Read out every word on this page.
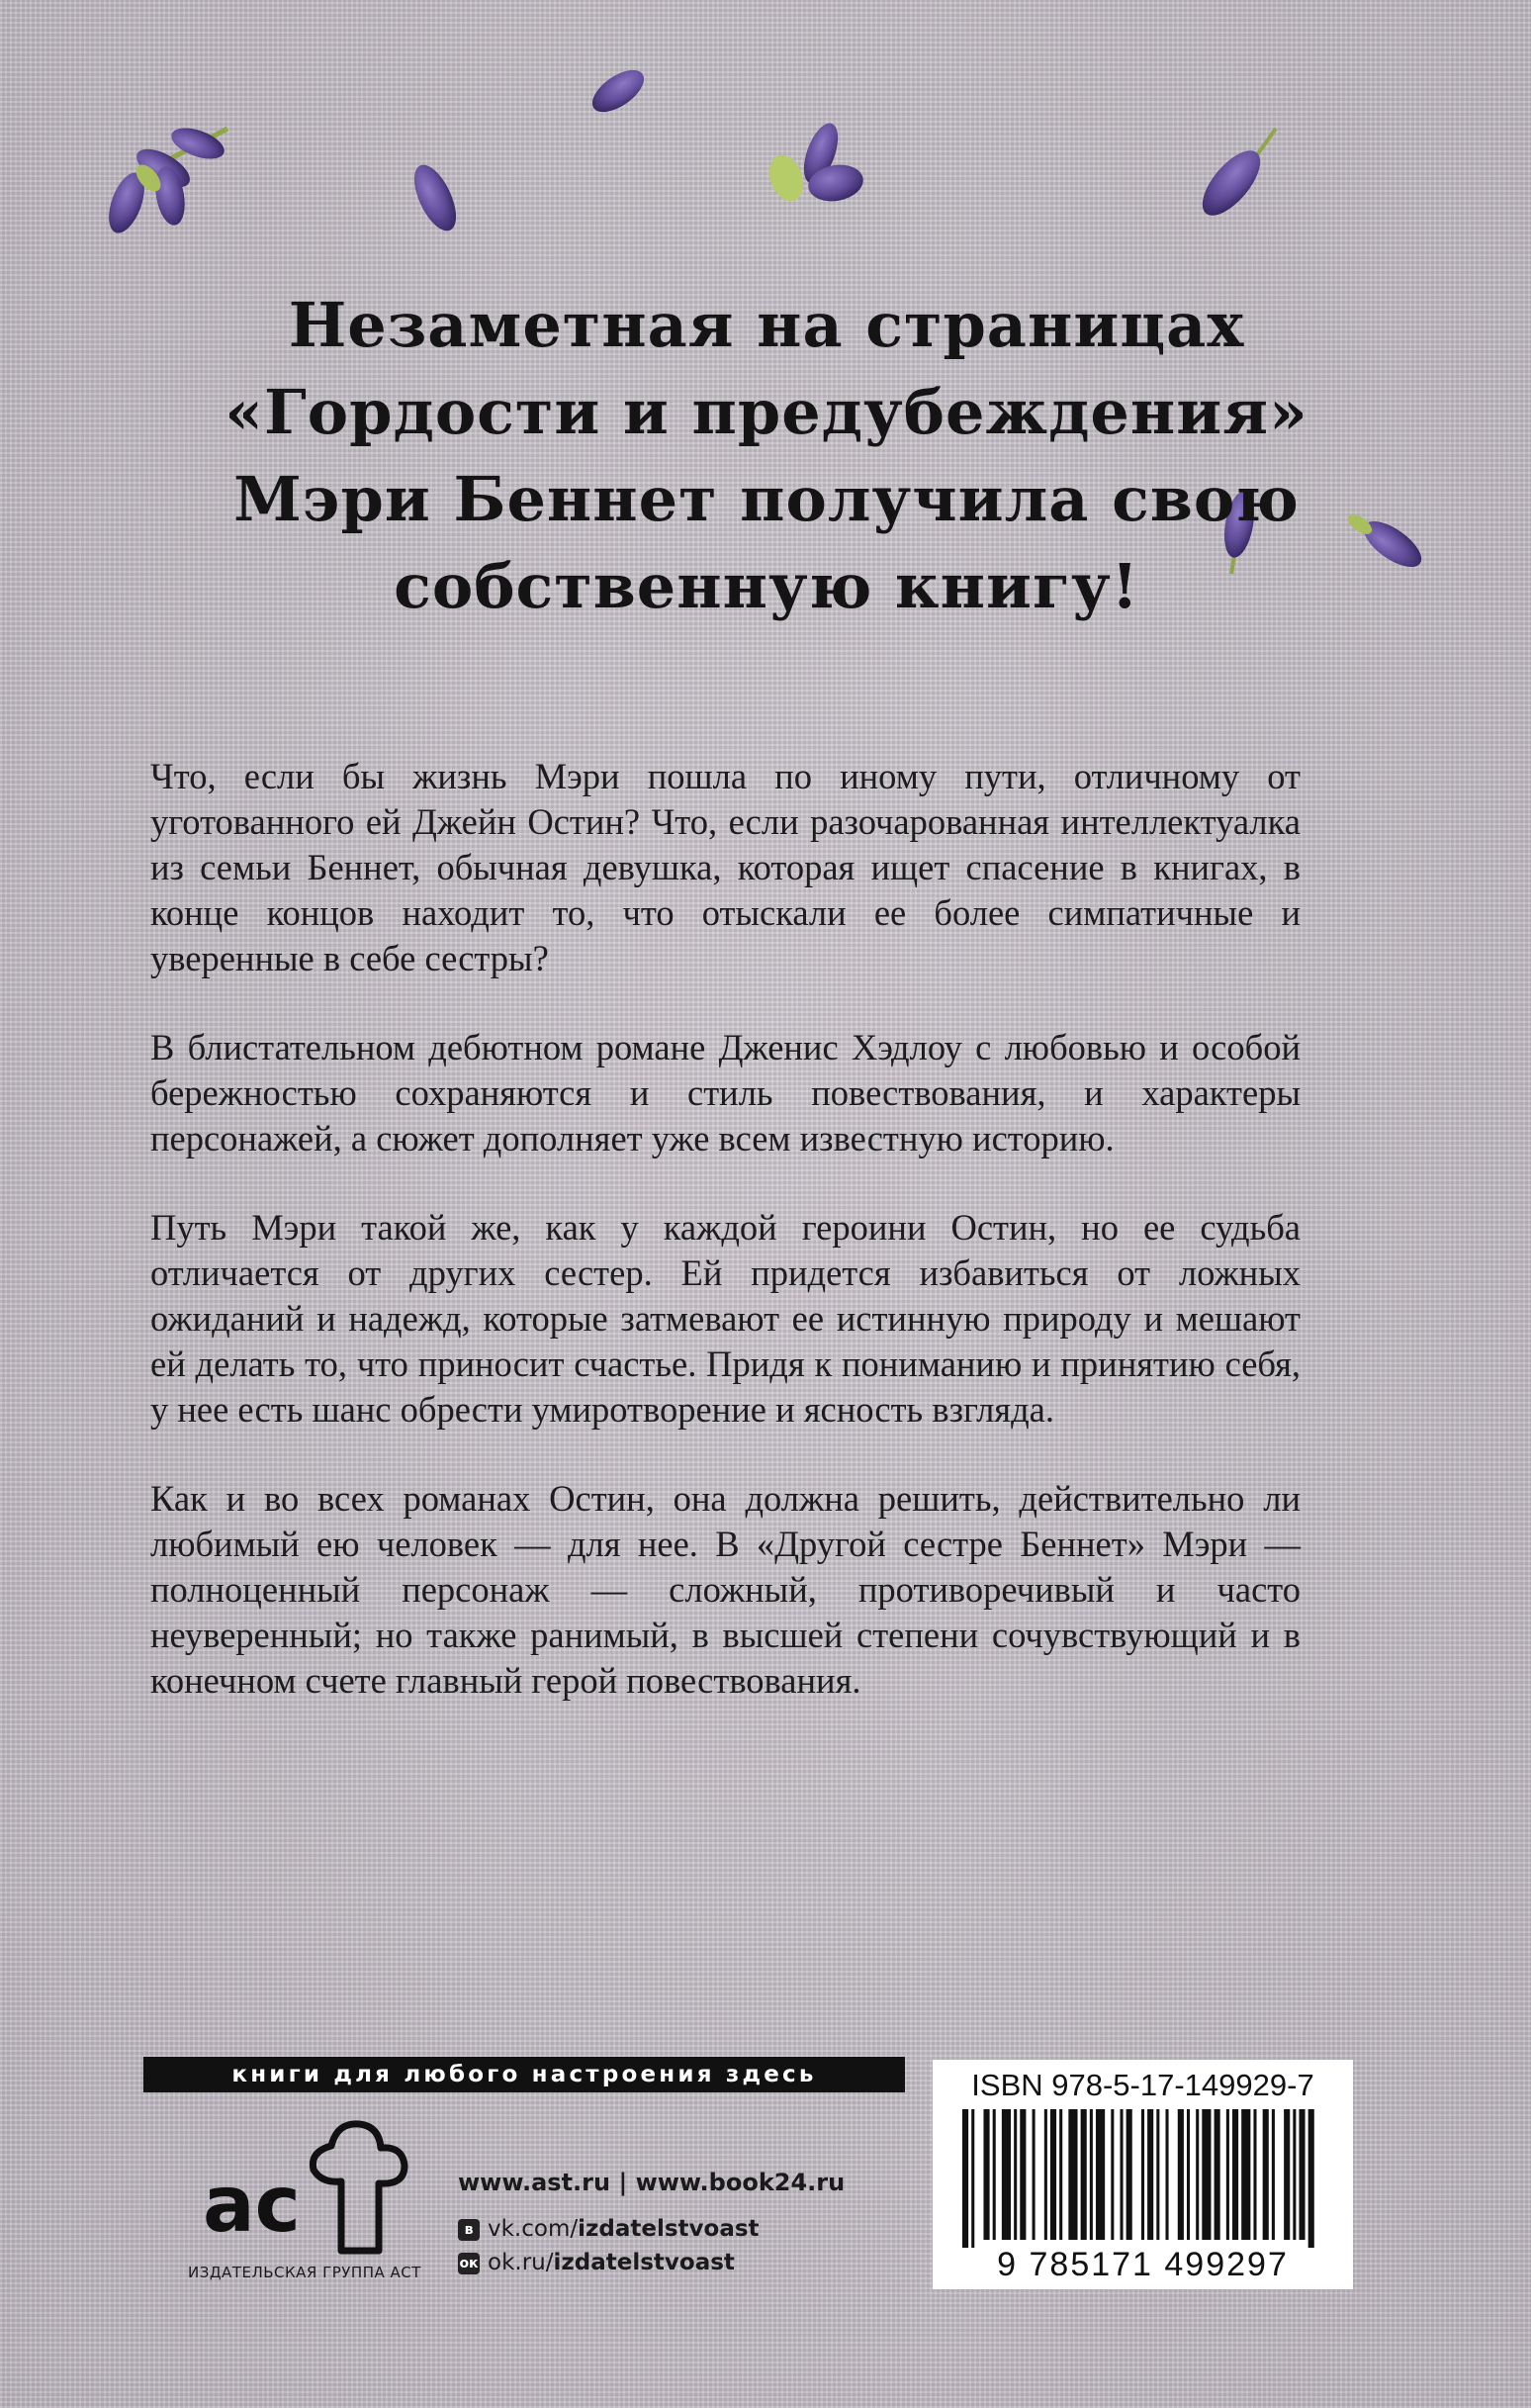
Незаметная на страницах
«Гордости и предубеждения»
Мэри Беннет получила свою
собственную книгу!

Что, если бы жизнь Мэри пошла по иному пути, отличному от уготованного ей Джейн Остин? Что, если разочарованная интеллектуалка из семьи Беннет, обычная девушка, которая ищет спасение в книгах, в конце концов находит то, что отыскали ее более симпатичные и уверенные в себе сестры?

В блистательном дебютном романе Дженис Хэдлоу с любовью и особой бережностью сохраняются и стиль повествования, и характеры персонажей, а сюжет дополняет уже всем известную историю.

Путь Мэри такой же, как у каждой героини Остин, но ее судьба отличается от других сестер. Ей придется избавиться от ложных ожиданий и надежд, которые затмевают ее истинную природу и мешают ей делать то, что приносит счастье. Придя к пониманию и принятию себя, у нее есть шанс обрести умиротворение и ясность взгляда.

Как и во всех романах Остин, она должна решить, действительно ли любимый ею человек — для нее. В «Другой сестре Беннет» Мэри — полноценный персонаж — сложный, противоречивый и часто неуверенный; но также ранимый, в высшей степени сочувствующий и в конечном счете главный герой повествования.

книги для любого настроения здесь
ac
ИЗДАТЕЛЬСКАЯ ГРУППА АСТ
www.ast.ru | www.book24.ru
в vk.com/izdatelstvoast
ок ok.ru/izdatelstvoast
ISBN 978-5-17-149929-7
9 785171 499297
